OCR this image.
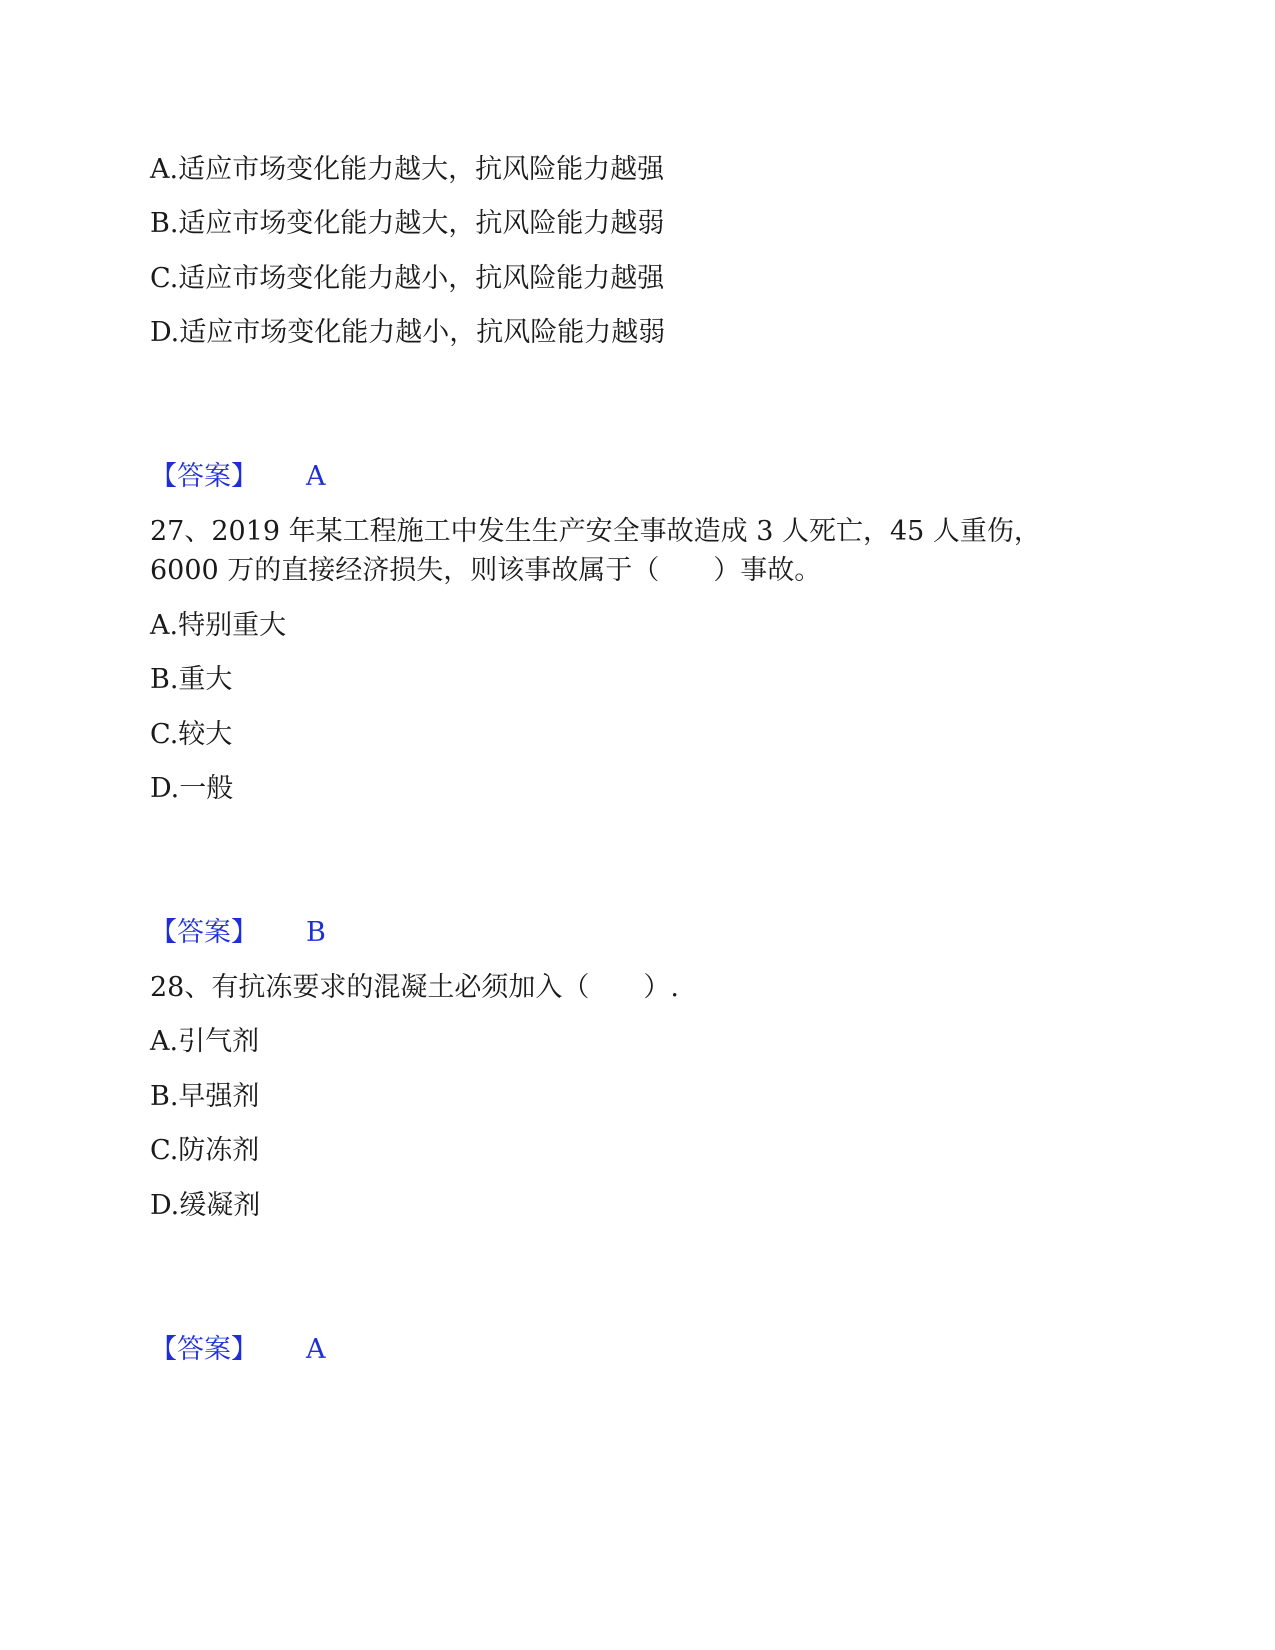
A.适应市场变化能力越大，抗风险能力越强
B.适应市场变化能力越大，抗风险能力越弱
C.适应市场变化能力越小，抗风险能力越强
D.适应市场变化能力越小，抗风险能力越弱
【答案】 A
27、2019 年某工程施工中发生生产安全事故造成 3 人死亡，45 人重伤，
6000 万的直接经济损失，则该事故属于（　　）事故。
A.特别重大
B.重大
C.较大
D.一般
【答案】 B
28、有抗冻要求的混凝土必须加入（　　）.
A.引气剂
B.早强剂
C.防冻剂
D.缓凝剂
【答案】 A
